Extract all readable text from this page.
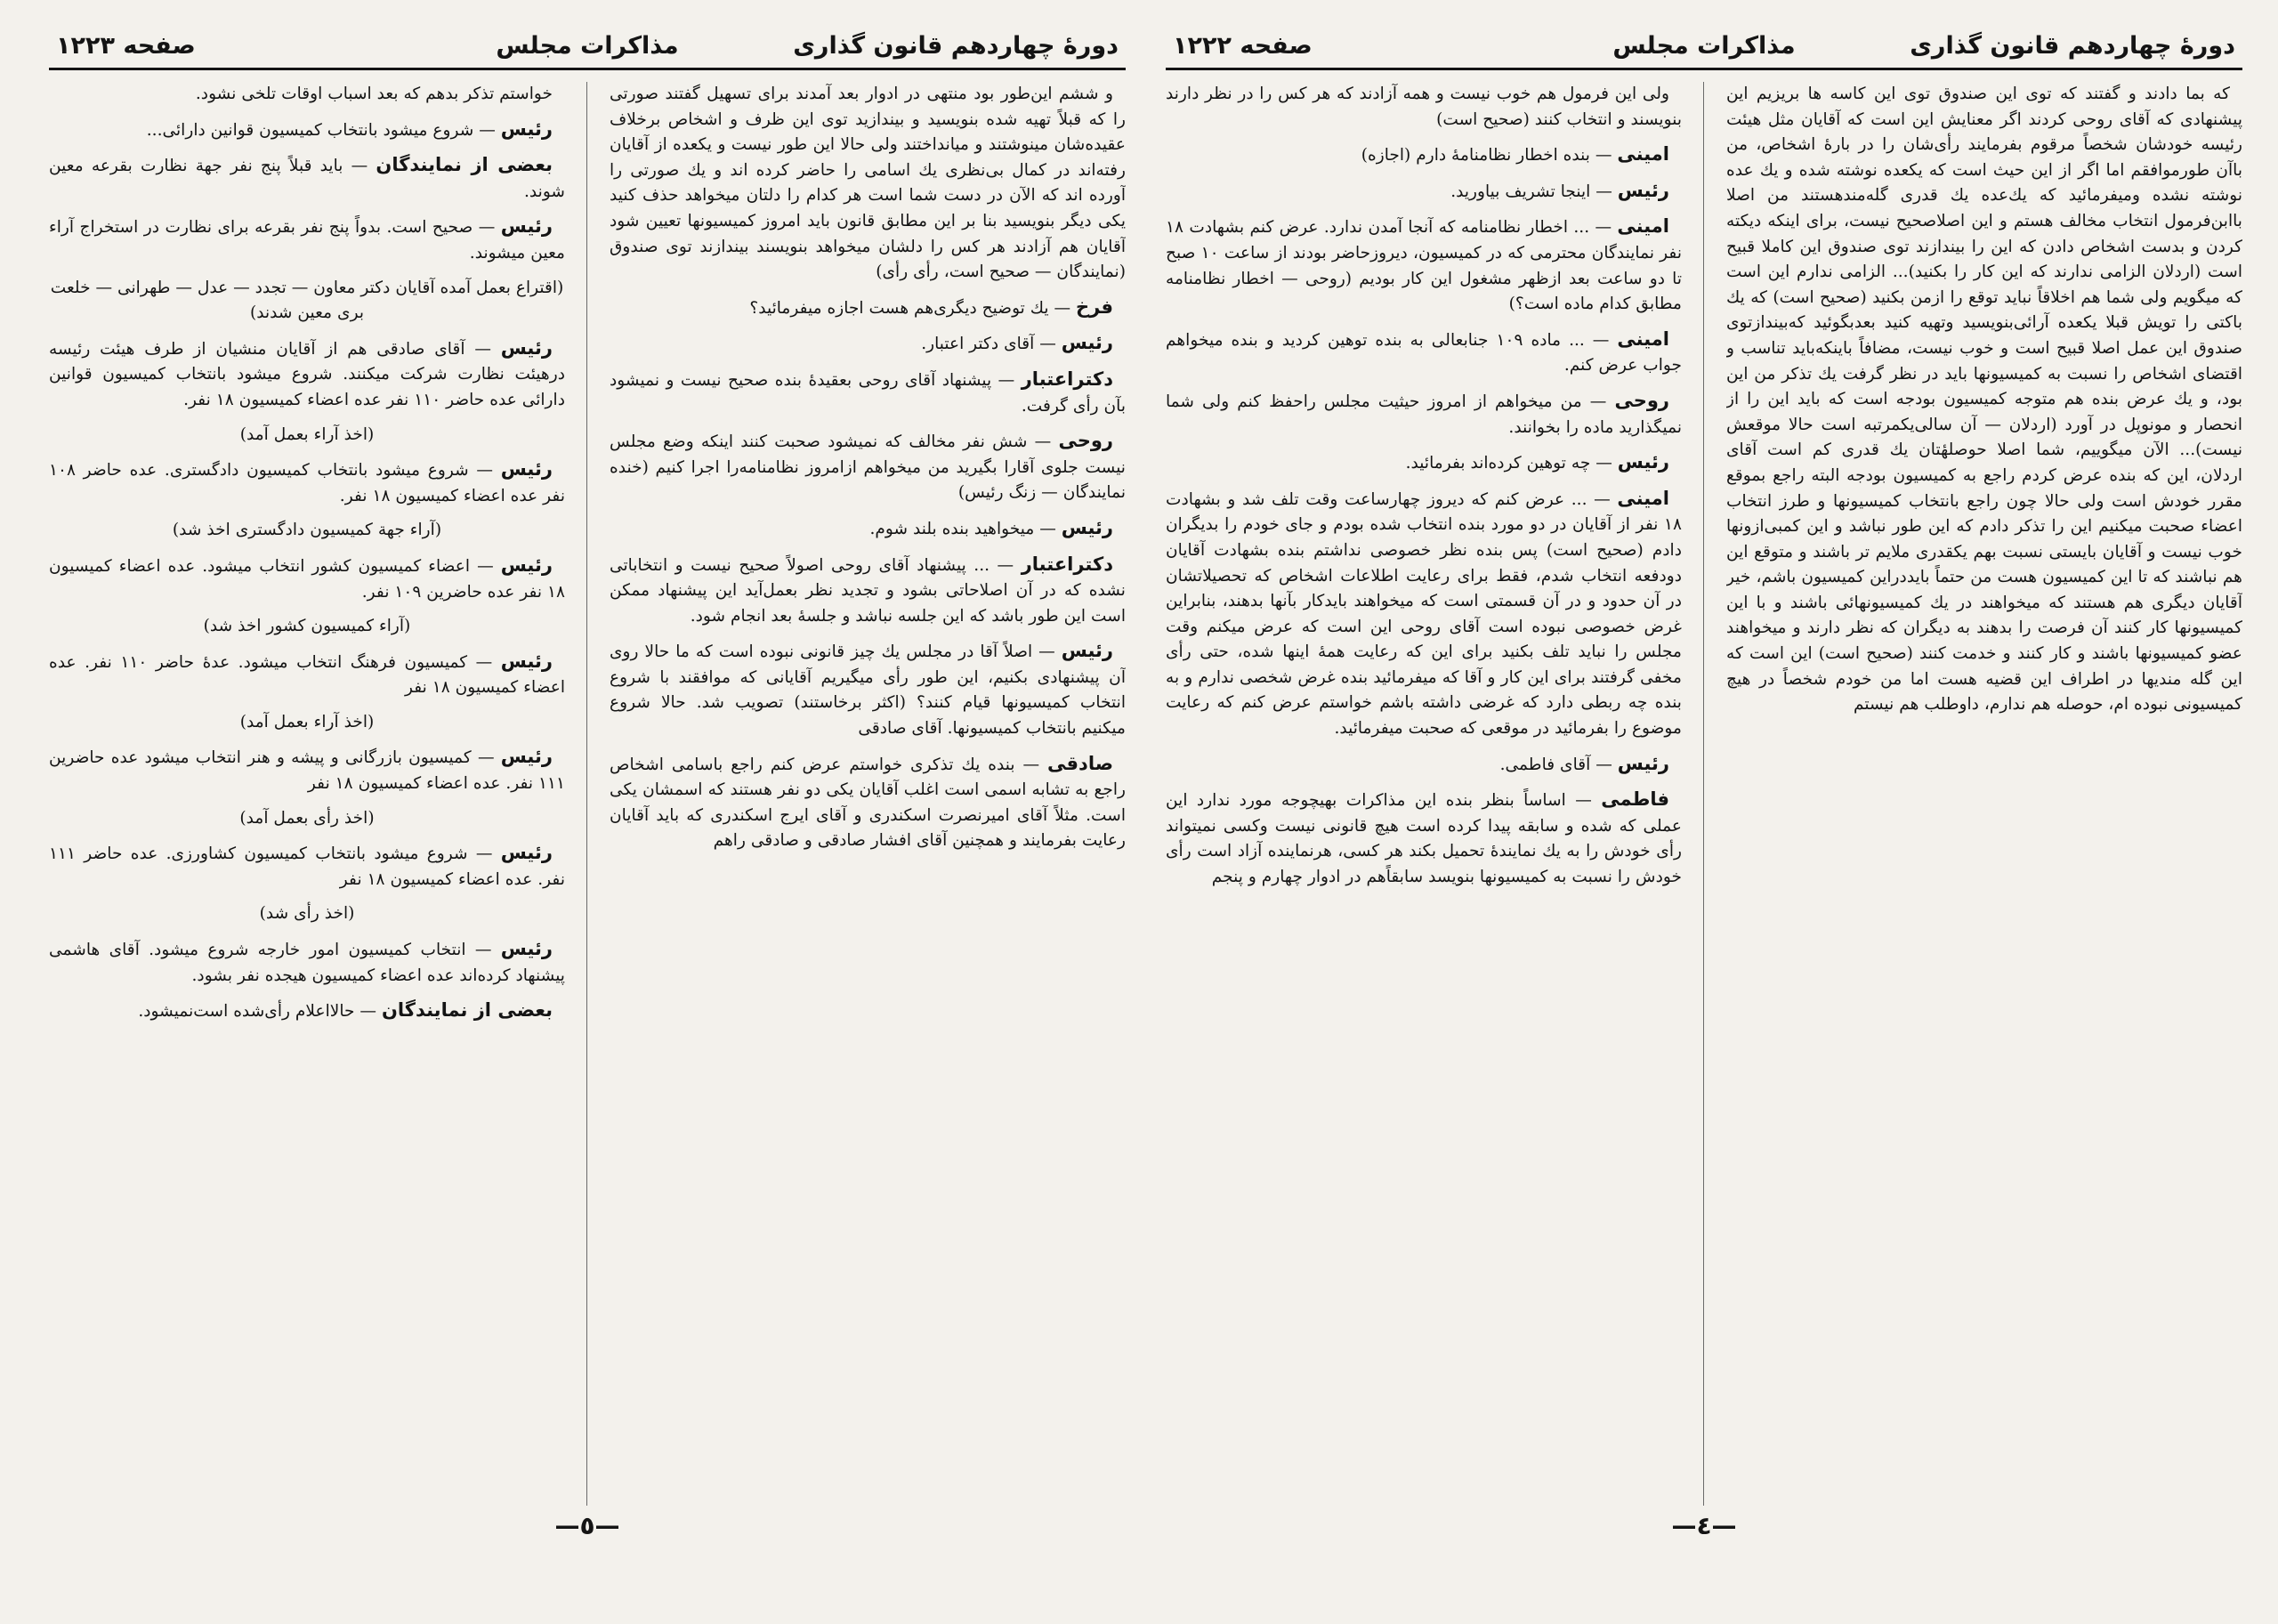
دورهٔ چهاردهم قانون گذاری
مذاکرات مجلس
صفحه ۱۲۲۳

و ششم این‌طور بود منتهی در ادوار بعد آمدند برای تسهیل گفتند صورتی را که قبلاً تهیه شده بنویسید و بیندازید توی این ظرف و اشخاص برخلاف عقیده‌شان مینوشتند و میانداختند ولی حالا این طور نیست و یکعده از آقایان رفته‌اند در کمال بی‌نظری یك اسامی را حاضر کرده اند و یك صورتی را آورده اند که الآن در دست شما است هر کدام را دلتان میخواهد حذف کنید یکی دیگر بنویسید بنا بر این مطابق قانون باید امروز کمیسیونها تعیین شود آقایان هم آزادند هر کس را دلشان میخواهد بنویسند بیندازند توی صندوق (نمایندگان — صحیح است، رأی رأی)

فرخ — یك توضیح دیگری‌هم هست اجازه میفرمائید؟

رئیس — آقای دکتر اعتبار.

دکتراعتبار — پیشنهاد آقای روحی بعقیدهٔ بنده صحیح نیست و نمیشود بآن رأی گرفت.

روحی — شش نفر مخالف که نمیشود صحبت کنند اینکه وضع مجلس نیست جلوی آقارا بگیرید من میخواهم ازامروز نظامنامه‌را اجرا کنیم (خنده نمایندگان — زنگ رئیس)

رئیس — میخواهید بنده بلند شوم.

دکتراعتبار — ... پیشنهاد آقای روحی اصولاً صحیح نیست و انتخاباتی نشده که در آن اصلاحاتی بشود و تجدید نظر بعمل‌آید این پیشنهاد ممکن است این طور باشد که این جلسه نباشد و جلسهٔ بعد انجام شود.

رئیس — اصلاً آقا در مجلس یك چیز قانونی نبوده است که ما حالا روی آن پیشنهادی بکنیم، این طور رأی میگیریم آقایانی که موافقند با شروع انتخاب کمیسیونها قیام کنند؟ (اکثر برخاستند) تصویب شد. حالا شروع میکنیم بانتخاب کمیسیونها. آقای صادقی

صادقی — بنده یك تذکری خواستم عرض کنم راجع باسامی اشخاص راجع به تشابه اسمی است اغلب آقایان یکی دو نفر هستند که اسمشان یکی است. مثلاً آقای امیرنصرت اسکندری و آقای ایرج اسکندری که باید آقایان رعایت بفرمایند و همچنین آقای افشار صادقی و صادقی راهم

خواستم تذکر بدهم که بعد اسباب اوقات تلخی نشود.

رئیس — شروع میشود بانتخاب کمیسیون قوانین دارائی...

بعضی از نمایندگان — باید قبلاً پنج نفر جهة نظارت بقرعه معین شوند.

رئیس — صحیح است. بدواً پنج نفر بقرعه برای نظارت در استخراج آراء معین میشوند.

(اقتراع بعمل آمده آقایان دکتر معاون — تجدد — عدل — طهرانی — خلعت بری معین شدند)

رئیس — آقای صادقی هم از آقایان منشیان از طرف هیئت رئیسه درهیئت نظارت شرکت میکنند. شروع میشود بانتخاب کمیسیون قوانین دارائی عده حاضر ۱۱۰ نفر عده اعضاء کمیسیون ۱۸ نفر.

(اخذ آراء بعمل آمد)

رئیس — شروع میشود بانتخاب کمیسیون دادگستری. عده حاضر ۱۰۸ نفر عده اعضاء کمیسیون ۱۸ نفر.

(آراء جهة کمیسیون دادگستری اخذ شد)

رئیس — اعضاء کمیسیون کشور انتخاب میشود. عده اعضاء کمیسیون ۱۸ نفر عده حاضرین ۱۰۹ نفر.

(آراء کمیسیون کشور اخذ شد)

رئیس — کمیسیون فرهنگ انتخاب میشود. عدهٔ حاضر ۱۱۰ نفر. عده اعضاء کمیسیون ۱۸ نفر

(اخذ آراء بعمل آمد)

رئیس — کمیسیون بازرگانی و پیشه و هنر انتخاب میشود عده حاضرین ۱۱۱ نفر. عده اعضاء کمیسیون ۱۸ نفر

(اخذ رأی بعمل آمد)

رئیس — شروع میشود بانتخاب کمیسیون کشاورزی. عده حاضر ۱۱۱ نفر. عده اعضاء کمیسیون ۱۸ نفر

(اخذ رأی شد)

رئیس — انتخاب کمیسیون امور خارجه شروع میشود. آقای هاشمی پیشنهاد کرده‌اند عده اعضاء کمیسیون هیجده نفر بشود.

بعضی از نمایندگان — حالااعلام رأی‌شده است‌نمیشود.

—٥—
دورهٔ چهاردهم قانون گذاری
مذاکرات مجلس
صفحه ۱۲۲۲

که بما دادند و گفتند که توی این صندوق توی این کاسه ها بریزیم این پیشنهادی که آقای روحی کردند اگر معنایش این است که آقایان مثل هیئت رئیسه خودشان شخصاً مرقوم بفرمایند رأی‌شان را در بارهٔ اشخاص، من باآن طورموافقم اما اگر از این حیث است که یکعده نوشته شده و یك عده نوشته نشده ومیفرمائید که یك‌عده‌ یك قدری گله‌مندهستند من اصلا باابن‌فرمول انتخاب مخالف هستم و این اصلاصحیح نیست، برای اینکه دیکته کردن و بدست اشخاص دادن که این را بیندازند توی صندوق این کاملا قبیح است (اردلان الزامی ندارند که این کار را بکنید)... الزامی ندارم این است که میگویم ولی شما هم اخلاقاً نباید توقع را ازمن بکنید (صحیح است) که یك باکتی را تویش قبلا یکعده آرائی‌بنویسید وتهیه کنید بعدبگوئید که‌بیندازتوی صندوق این عمل اصلا قبیح است و خوب نیست، مضافاً باینکه‌باید تناسب و اقتضای اشخاص را نسبت به کمیسیونها باید در نظر گرفت یك تذکر من این بود، و یك عرض بنده هم متوجه کمیسیون بودجه است که باید این را از انحصار و مونوپل در آورد (اردلان — آن سالی‌یکمرتبه است حالا موقعش نیست)... الآن میگوییم، شما اصلا حوصلهٔتان یك قدری کم است آقای اردلان، این که بنده عرض کردم راجع به کمیسیون بودجه البته راجع بموقع مقرر خودش است ولی حالا چون راجع بانتخاب کمیسیونها و طرز انتخاب اعضاء صحبت میکنیم این را تذکر دادم که این طور نباشد و این کمبی‌ازونها خوب نیست و آقایان بایستی نسبت بهم یکقدری ملایم تر باشند و متوقع این هم نباشند که تا این کمیسیون هست من حتماً بایددراین کمیسیون باشم، خیر آقایان دیگری هم هستند که میخواهند در یك کمیسیونهائی باشند و با این کمیسیونها کار کنند آن فرصت را بدهند به دیگران که نظر دارند و میخواهند عضو کمیسیونها باشند و کار کنند و خدمت کنند (صحیح است) این است که این گله مندیها در اطراف این قضیه هست اما من خودم شخصاً در هیچ کمیسیونی نبوده ام، حوصله هم ندارم، داوطلب هم نیستم

ولی این فرمول هم خوب نیست و همه آزادند که هر کس را در نظر دارند بنویسند و انتخاب کنند (صحیح است)

امینی — بنده اخطار نظامنامهٔ دارم (اجازه)

رئیس — اینجا تشریف بیاورید.

امینی — ... اخطار نظامنامه که آنجا آمدن ندارد. عرض کنم بشهادت ۱۸ نفر نمایندگان محترمی که در کمیسیون، دیروزحاضر بودند از ساعت ۱۰ صبح تا دو ساعت بعد ازظهر مشغول این کار بودیم (روحی — اخطار نظامنامه مطابق کدام ماده است؟)

امینی — ... ماده ۱۰۹ جنابعالی به بنده توهین کردید و بنده میخواهم جواب عرض کنم.

روحی — من میخواهم از امروز حیثیت مجلس راحفظ کنم ولی شما نمیگذارید ماده را بخوانند.

رئیس — چه توهین کرده‌اند بفرمائید.

امینی — ... عرض کنم که دیروز چهارساعت وقت تلف شد و بشهادت ۱۸ نفر از آقایان در دو مورد بنده انتخاب شده بودم و جای خودم را بدیگران دادم (صحیح است) پس بنده نظر خصوصی نداشتم بنده بشهادت آقایان دودفعه انتخاب شدم، فقط برای رعایت اطلاعات اشخاص که تحصیلاتشان در آن حدود و در آن قسمتی است که میخواهند بایدکار بآنها بدهند، بنابراین غرض خصوصی نبوده است آقای روحی این است که عرض میکنم وقت مجلس را نباید تلف بکنید برای این که رعایت همهٔ اینها شده، حتی رأی مخفی گرفتند برای این کار و آقا که میفرمائید بنده غرض شخصی ندارم و به بنده چه ربطی دارد که غرضی داشته باشم خواستم عرض کنم که رعایت موضوع را بفرمائید در موقعی که صحبت میفرمائید.

رئیس — آقای فاطمی.

فاطمی — اساساً بنظر بنده این مذاکرات بهیچوجه مورد ندارد این عملی که شده و سابقه پیدا کرده است هیچ قانونی نیست وکسی نمیتواند رأی خودش را به یك نمایندهٔ تحمیل بکند هر کسی، هرنماینده آزاد است رأی خودش را نسبت به کمیسیونها بنویسد سابقاًهم در ادوار چهارم و پنجم

—٤—
